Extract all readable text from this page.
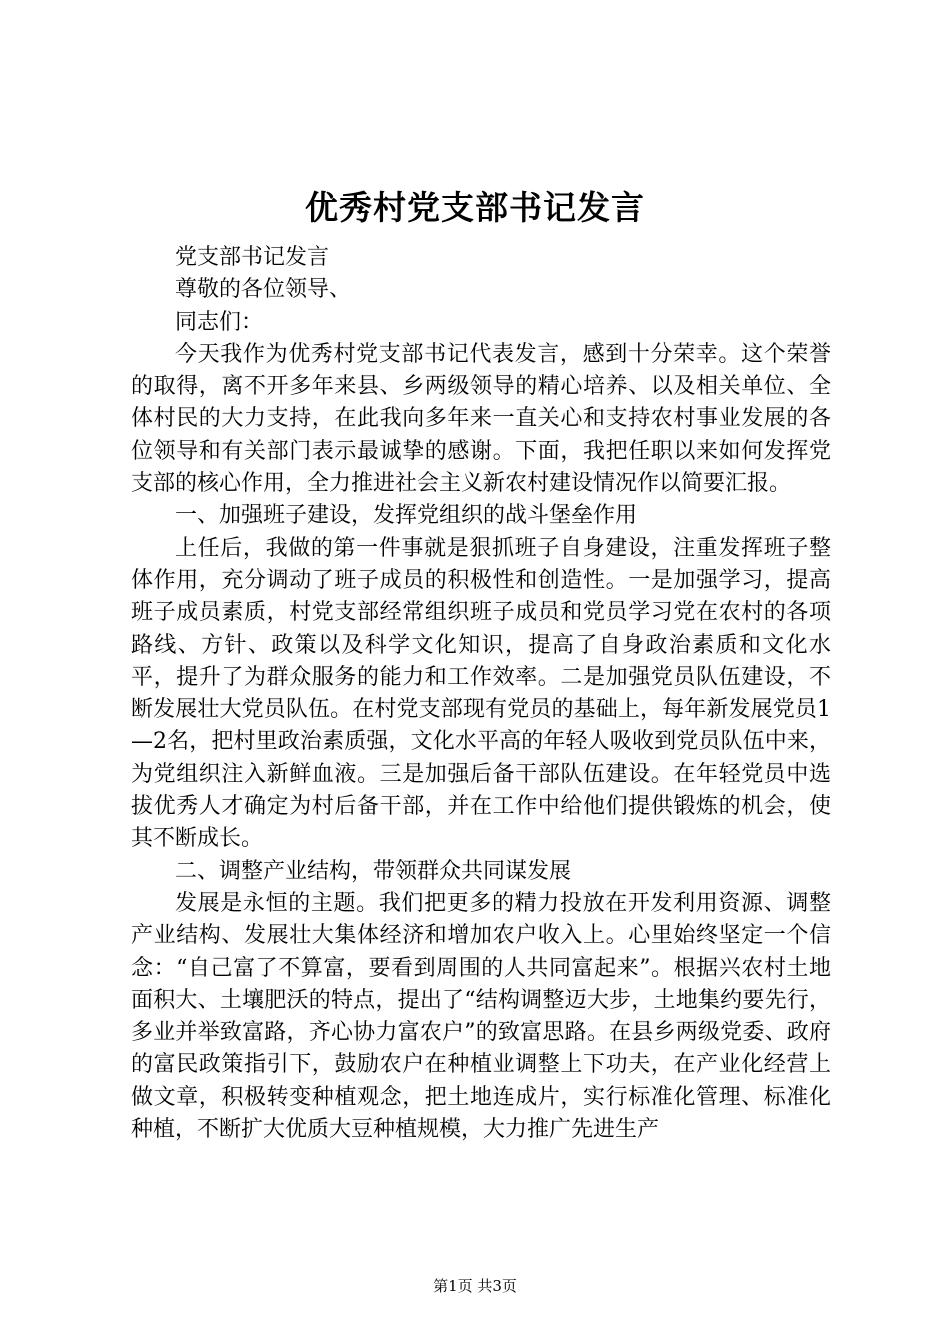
优秀村党支部书记发言

党支部书记发言

尊敬的各位领导、

同志们：

今天我作为优秀村党支部书记代表发言，感到十分荣幸。这个荣誉的取得，离不开多年来县、乡两级领导的精心培养、以及相关单位、全体村民的大力支持，在此我向多年来一直关心和支持农村事业发展的各位领导和有关部门表示最诚挚的感谢。下面，我把任职以来如何发挥党支部的核心作用，全力推进社会主义新农村建设情况作以简要汇报。

一、加强班子建设，发挥党组织的战斗堡垒作用

上任后，我做的第一件事就是狠抓班子自身建设，注重发挥班子整体作用，充分调动了班子成员的积极性和创造性。一是加强学习，提高班子成员素质，村党支部经常组织班子成员和党员学习党在农村的各项路线、方针、政策以及科学文化知识，提高了自身政治素质和文化水平，提升了为群众服务的能力和工作效率。二是加强党员队伍建设，不断发展壮大党员队伍。在村党支部现有党员的基础上，每年新发展党员1—2名，把村里政治素质强，文化水平高的年轻人吸收到党员队伍中来，为党组织注入新鲜血液。三是加强后备干部队伍建设。在年轻党员中选拔优秀人才确定为村后备干部，并在工作中给他们提供锻炼的机会，使其不断成长。

二、调整产业结构，带领群众共同谋发展

发展是永恒的主题。我们把更多的精力投放在开发利用资源、调整产业结构、发展壮大集体经济和增加农户收入上。心里始终坚定一个信念：“自己富了不算富，要看到周围的人共同富起来”。根据兴农村土地面积大、土壤肥沃的特点，提出了“结构调整迈大步，土地集约要先行，多业并举致富路，齐心协力富农户”的致富思路。在县乡两级党委、政府的富民政策指引下，鼓励农户在种植业调整上下功夫，在产业化经营上做文章，积极转变种植观念，把土地连成片，实行标准化管理、标准化种植，不断扩大优质大豆种植规模，大力推广先进生产

第1页 共3页
